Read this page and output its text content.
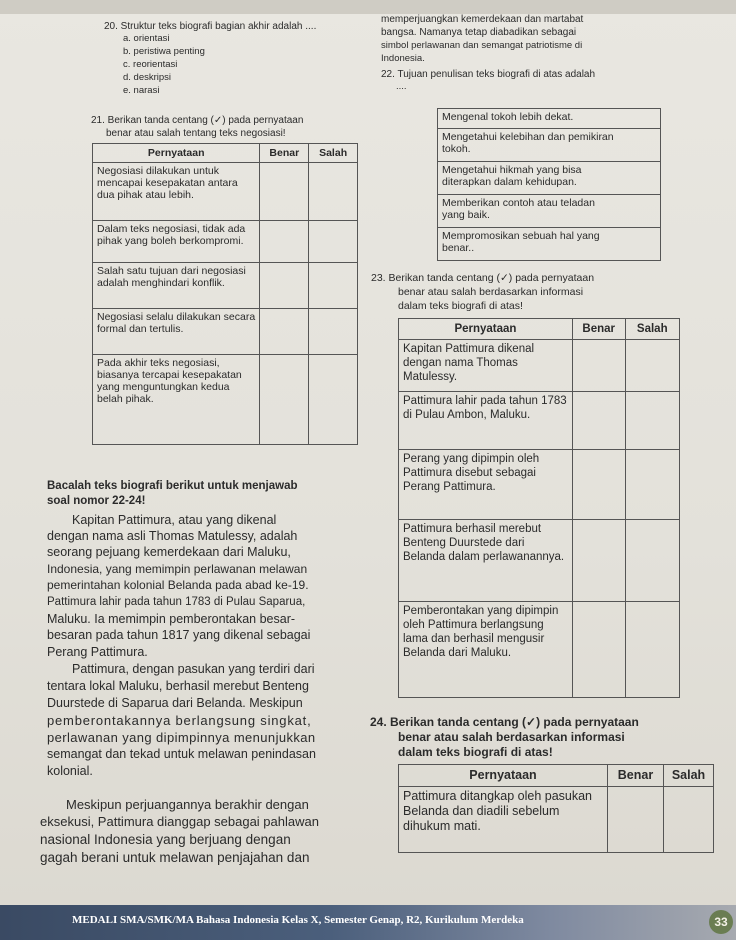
20. Struktur teks biografi bagian akhir adalah ....
a. orientasi
b. peristiwa penting
c. reorientasi
d. deskripsi
e. narasi
memperjuangkan kemerdekaan dan martabat
bangsa. Namanya tetap diabadikan sebagai
simbol perlawanan dan semangat patriotisme di
Indonesia.
22. Tujuan penulisan teks biografi di atas adalah
....
Mengenal tokoh lebih dekat.
Mengetahui kelebihan dan pemikiran
tokoh.
Mengetahui hikmah yang bisa
diterapkan dalam kehidupan.
Memberikan contoh atau teladan
yang baik.
Mempromosikan sebuah hal yang
benar..
21. Berikan tanda centang (✓) pada pernyataan
benar atau salah tentang teks negosiasi!
Pernyataan	Benar	Salah
Negosiasi dilakukan untuk mencapai kesepakatan antara dua pihak atau lebih.		
Dalam teks negosiasi, tidak ada pihak yang boleh berkompromi.		
Salah satu tujuan dari negosiasi adalah menghindari konflik.		
Negosiasi selalu dilakukan secara formal dan tertulis.		
Pada akhir teks negosiasi, biasanya tercapai kesepakatan yang menguntungkan kedua belah pihak.		
23. Berikan tanda centang (✓) pada pernyataan
benar atau salah berdasarkan informasi
dalam teks biografi di atas!
Pernyataan	Benar	Salah
Kapitan Pattimura dikenal dengan nama Thomas Matulessy.		
Pattimura lahir pada tahun 1783 di Pulau Ambon, Maluku.		
Perang yang dipimpin oleh Pattimura disebut sebagai Perang Pattimura.		
Pattimura berhasil merebut Benteng Duurstede dari Belanda dalam perlawanannya.		
Pemberontakan yang dipimpin oleh Pattimura berlangsung lama dan berhasil mengusir Belanda dari Maluku.		
Bacalah teks biografi berikut untuk menjawab
soal nomor 22-24!
Kapitan Pattimura, atau yang dikenal
dengan nama asli Thomas Matulessy, adalah
seorang pejuang kemerdekaan dari Maluku,
Indonesia, yang memimpin perlawanan melawan
pemerintahan kolonial Belanda pada abad ke-19.
Pattimura lahir pada tahun 1783 di Pulau Saparua,
Maluku. Ia memimpin pemberontakan besar-
besaran pada tahun 1817 yang dikenal sebagai
Perang Pattimura.
Pattimura, dengan pasukan yang terdiri dari
tentara lokal Maluku, berhasil merebut Benteng
Duurstede di Saparua dari Belanda. Meskipun
pemberontakannya berlangsung singkat,
perlawanan yang dipimpinnya menunjukkan
semangat dan tekad untuk melawan penindasan
kolonial.
Meskipun perjuangannya berakhir dengan
eksekusi, Pattimura dianggap sebagai pahlawan
nasional Indonesia yang berjuang dengan
gagah berani untuk melawan penjajahan dan
24. Berikan tanda centang (✓) pada pernyataan
benar atau salah berdasarkan informasi
dalam teks biografi di atas!
Pernyataan	Benar	Salah
Pattimura ditangkap oleh pasukan Belanda dan diadili sebelum dihukum mati.		
MEDALI SMA/SMK/MA Bahasa Indonesia Kelas X, Semester Genap, R2, Kurikulum Merdeka	33
